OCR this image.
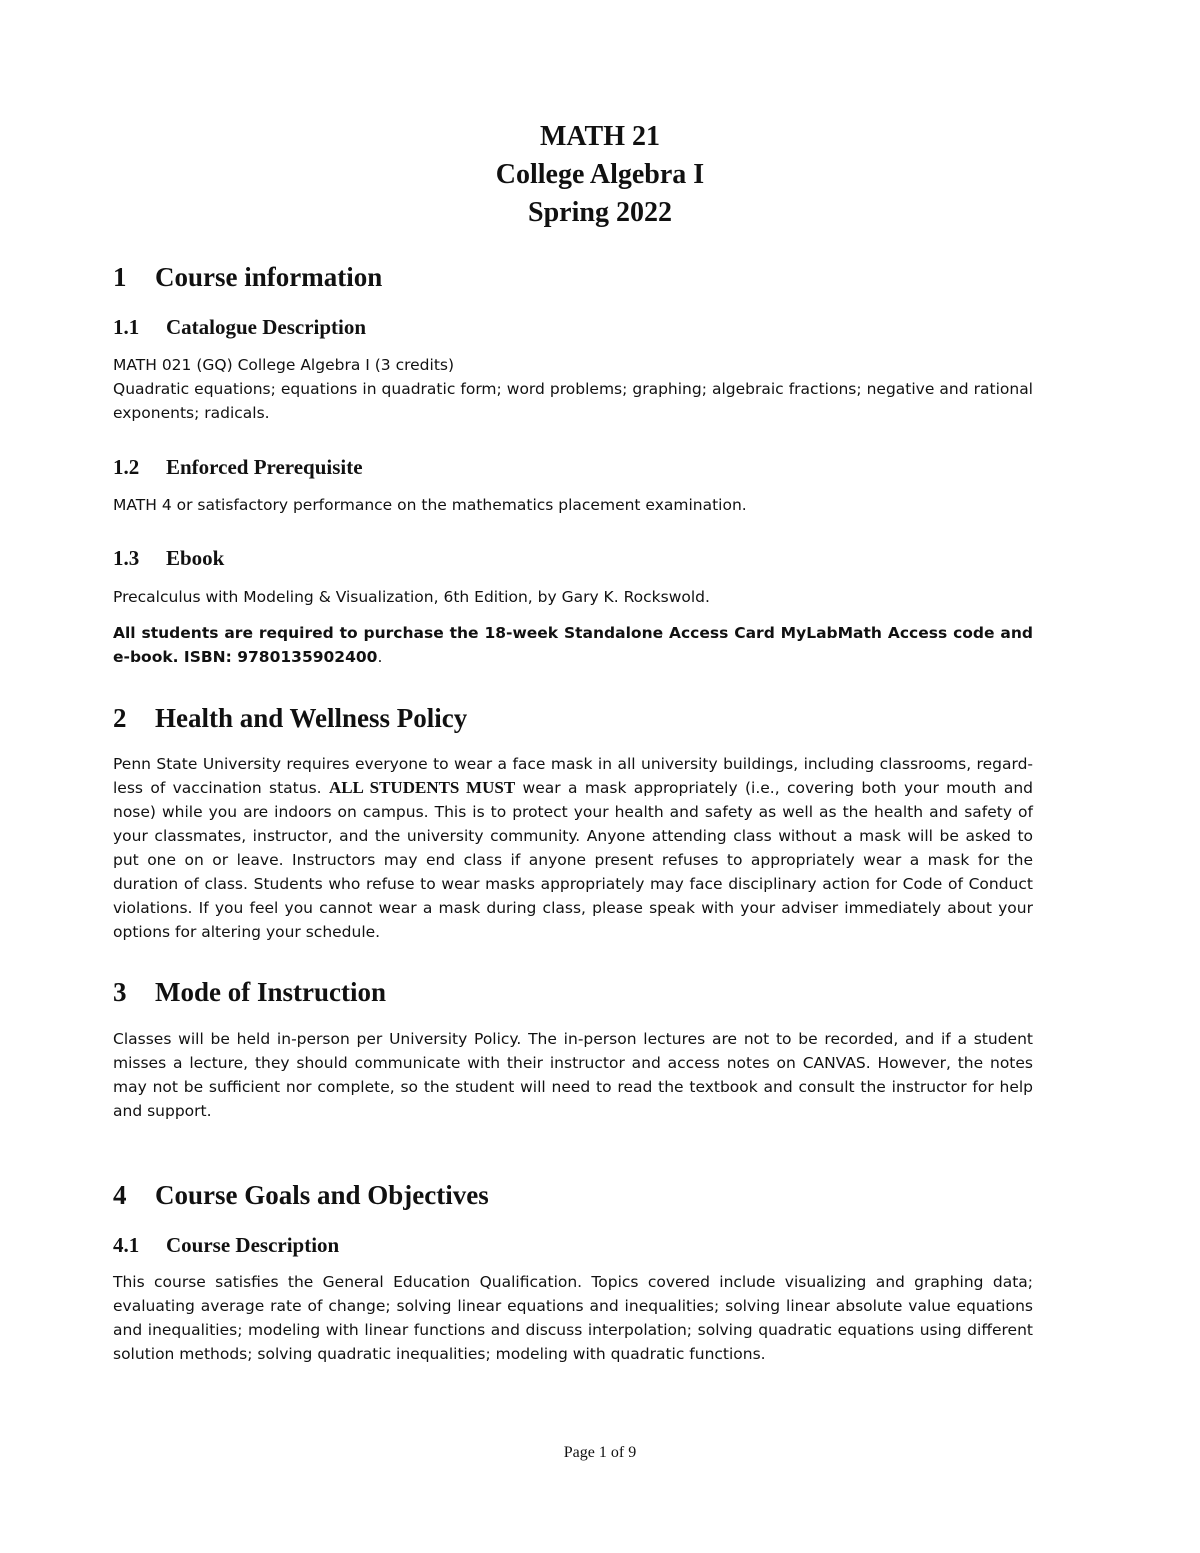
MATH 21
College Algebra I
Spring 2022
1 Course information
1.1 Catalogue Description
MATH 021 (GQ) College Algebra I (3 credits)
Quadratic equations; equations in quadratic form; word problems; graphing; algebraic fractions; negative and rational exponents; radicals.
1.2 Enforced Prerequisite
MATH 4 or satisfactory performance on the mathematics placement examination.
1.3 Ebook
Precalculus with Modeling & Visualization, 6th Edition, by Gary K. Rockswold.
All students are required to purchase the 18-week Standalone Access Card MyLabMath Access code and e-book. ISBN: 9780135902400.
2 Health and Wellness Policy
Penn State University requires everyone to wear a face mask in all university buildings, including classrooms, regard-less of vaccination status. ALL STUDENTS MUST wear a mask appropriately (i.e., covering both your mouth and nose) while you are indoors on campus. This is to protect your health and safety as well as the health and safety of your classmates, instructor, and the university community. Anyone attending class without a mask will be asked to put one on or leave. Instructors may end class if anyone present refuses to appropriately wear a mask for the duration of class. Students who refuse to wear masks appropriately may face disciplinary action for Code of Conduct violations. If you feel you cannot wear a mask during class, please speak with your adviser immediately about your options for altering your schedule.
3 Mode of Instruction
Classes will be held in-person per University Policy. The in-person lectures are not to be recorded, and if a student misses a lecture, they should communicate with their instructor and access notes on CANVAS. However, the notes may not be sufficient nor complete, so the student will need to read the textbook and consult the instructor for help and support.
4 Course Goals and Objectives
4.1 Course Description
This course satisfies the General Education Qualification. Topics covered include visualizing and graphing data; evaluating average rate of change; solving linear equations and inequalities; solving linear absolute value equations and inequalities; modeling with linear functions and discuss interpolation; solving quadratic equations using different solution methods; solving quadratic inequalities; modeling with quadratic functions.
Page 1 of 9
